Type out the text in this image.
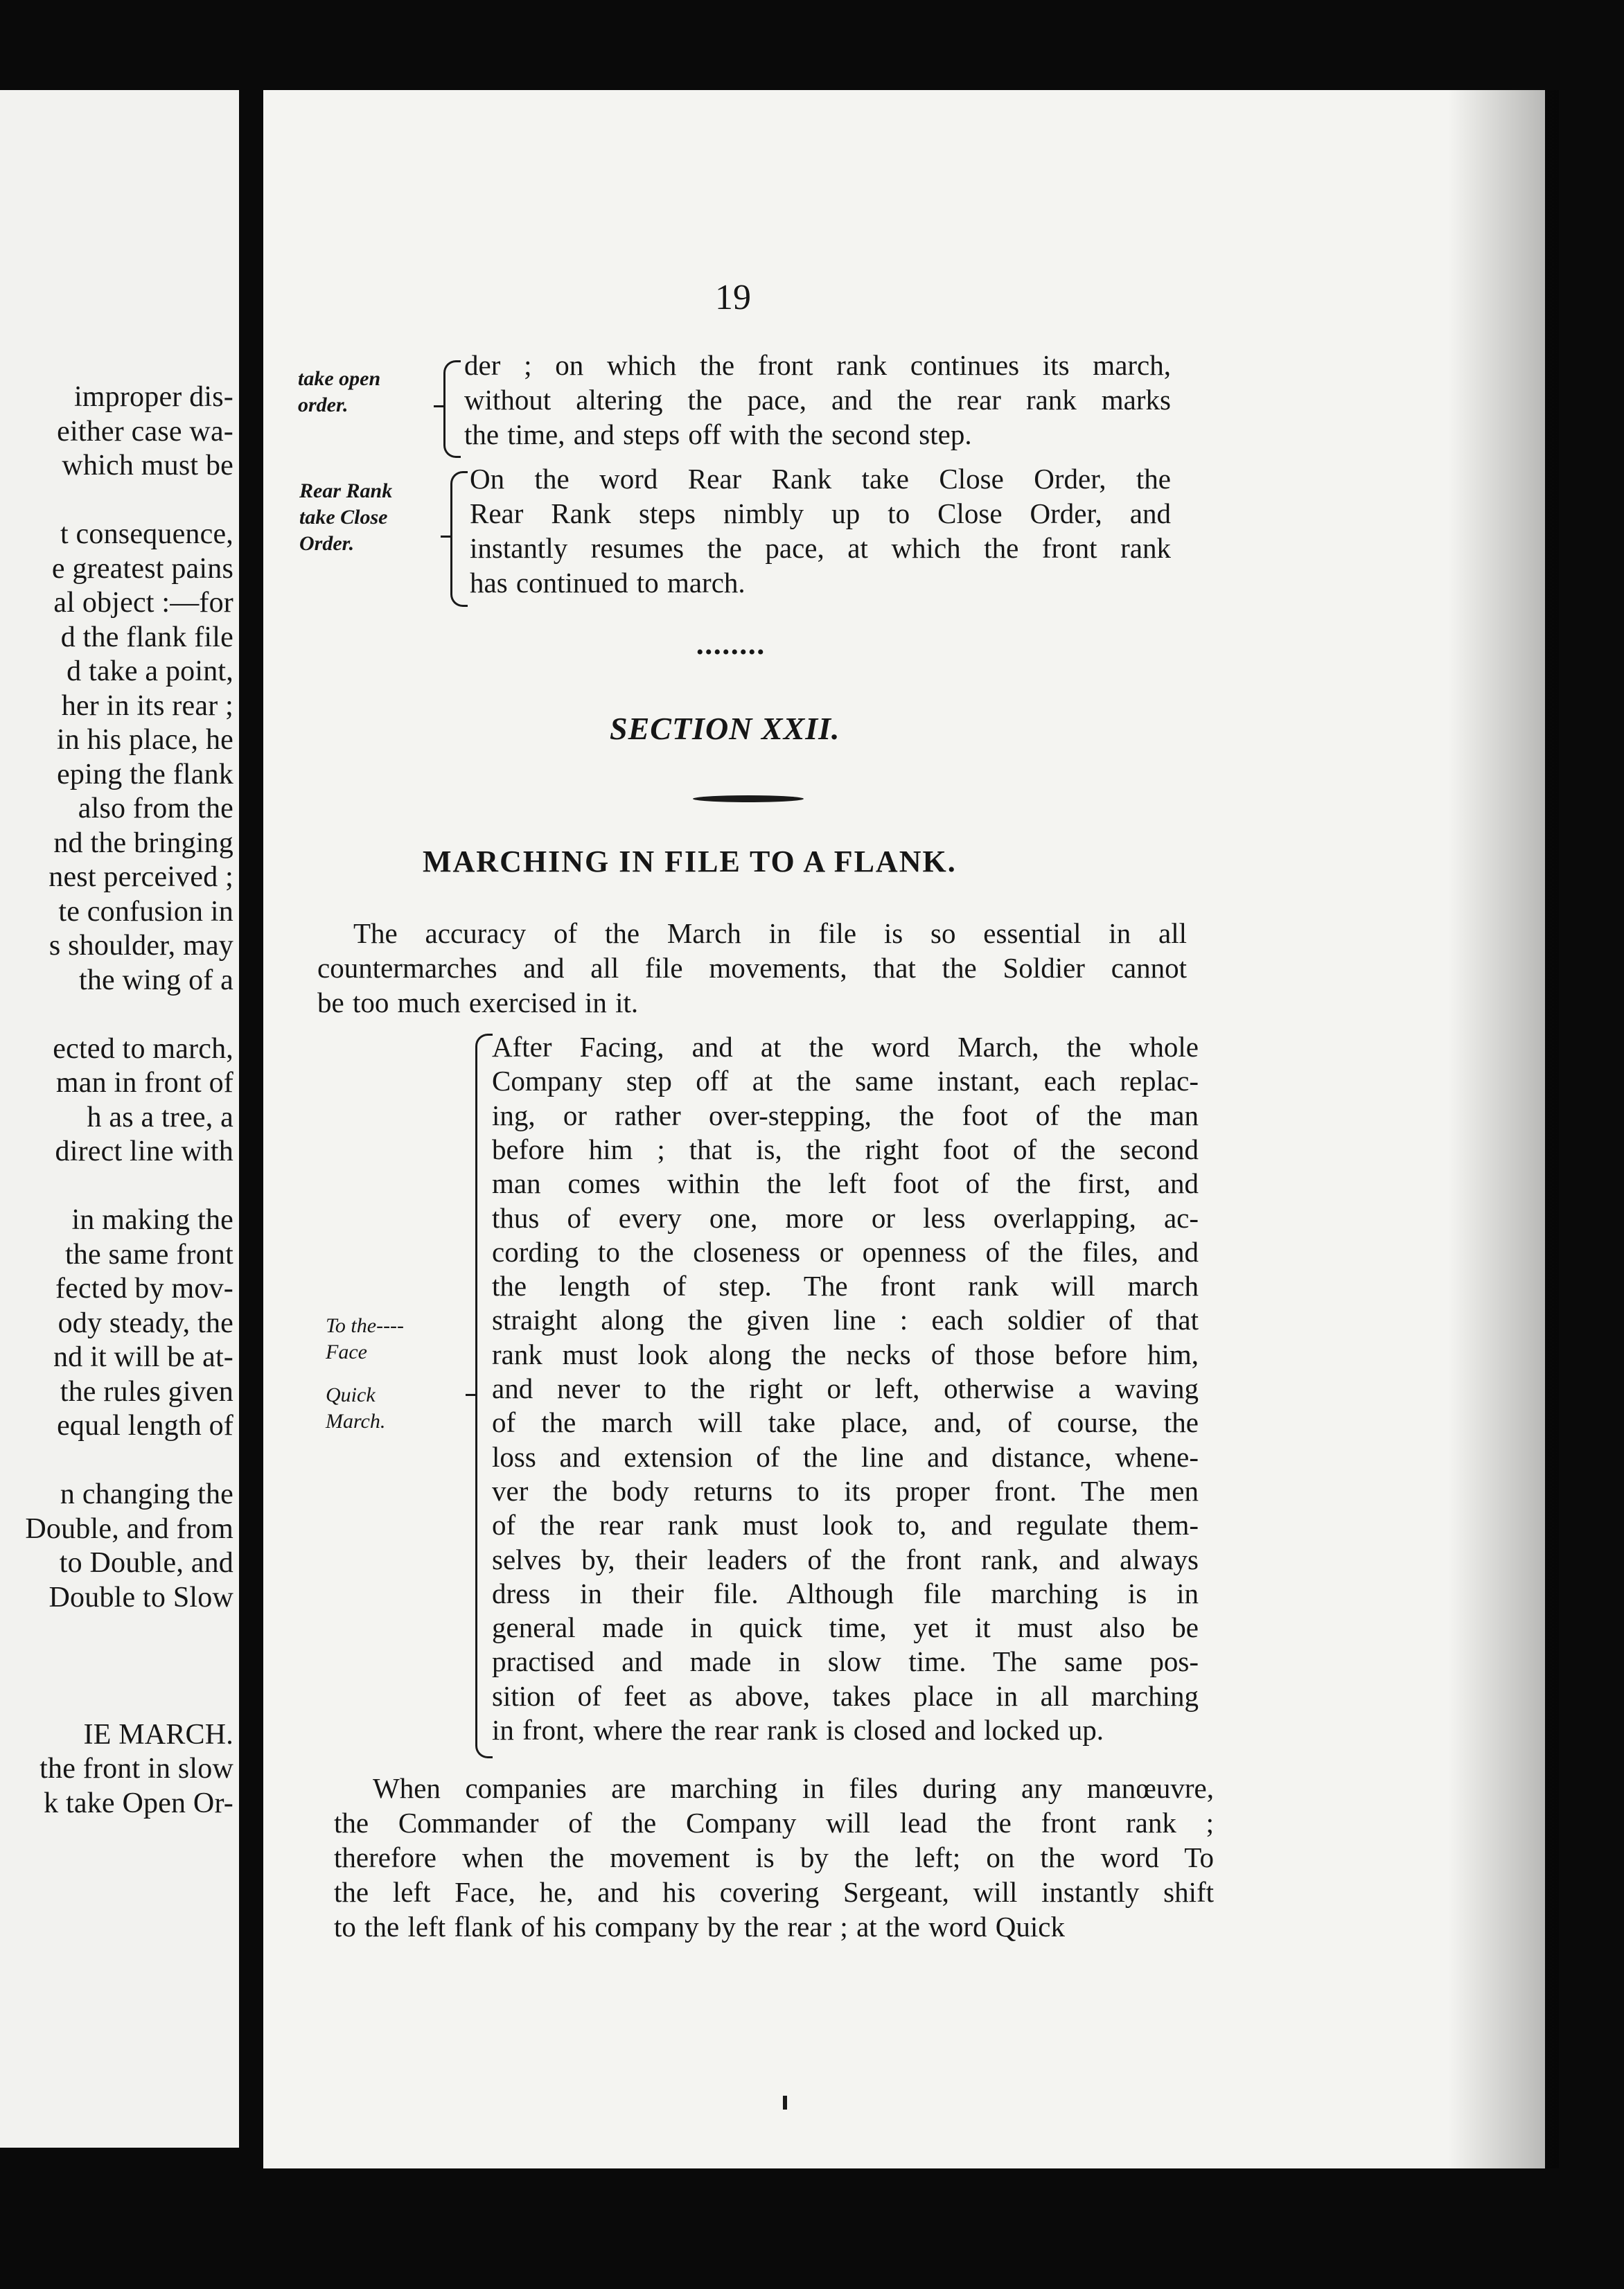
improper dis-
either case wa-
which must be
t consequence,
e greatest pains
al object :—for
d the flank file
d take a point,
her in its rear ;
in his place, he
eping the flank
also from the
nd the bringing
nest perceived ;
te confusion in
s shoulder, may
the wing of a
ected to march,
man in front of
h as a tree, a
direct line with
in making the
the same front
fected by mov-
ody steady, the
nd it will be at-
the rules given
equal length of
n changing the
Double, and from
to Double, and
Double to Slow
IE MARCH.
the front in slow
k take Open Or-
19
take open
order.
Rear Rank
take Close
Order.
To the----
Face
Quick
March.
der ; on which the front rank continues its march,
without altering the pace, and the rear rank marks
the time, and steps off with the second step.
On the word Rear Rank take Close Order, the
Rear Rank steps nimbly up to Close Order, and
instantly resumes the pace, at which the front rank
has continued to march.
••••••••
SECTION XXII.
MARCHING IN FILE TO A FLANK.
The accuracy of the March in file is so essential in all
countermarches and all file movements, that the Soldier cannot
be too much exercised in it.
After Facing, and at the word March, the whole
Company step off at the same instant, each replac-
ing, or rather over-stepping, the foot of the man
before him ; that is, the right foot of the second
man comes within the left foot of the first, and
thus of every one, more or less overlapping, ac-
cording to the closeness or openness of the files, and
the length of step. The front rank will march
straight along the given line : each soldier of that
rank must look along the necks of those before him,
and never to the right or left, otherwise a waving
of the march will take place, and, of course, the
loss and extension of the line and distance, whene-
ver the body returns to its proper front. The men
of the rear rank must look to, and regulate them-
selves by, their leaders of the front rank, and always
dress in their file. Although file marching is in
general made in quick time, yet it must also be
practised and made in slow time. The same pos-
sition of feet as above, takes place in all marching
in front, where the rear rank is closed and locked up.
When companies are marching in files during any manœuvre,
the Commander of the Company will lead the front rank ;
therefore when the movement is by the left; on the word To
the left Face, he, and his covering Sergeant, will instantly shift
to the left flank of his company by the rear ; at the word Quick
